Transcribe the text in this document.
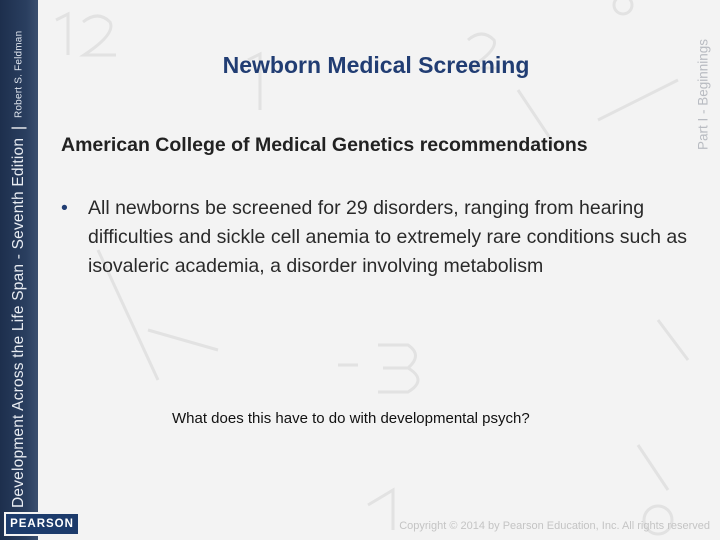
Development Across the Life Span - Seventh Edition
|
Robert S. Feldman
PEARSON
Part I - Beginnings
Newborn Medical Screening
American College of Medical Genetics recommendations
• All newborns be screened for 29 disorders, ranging from hearing difficulties and sickle cell anemia to extremely rare conditions such as isovaleric academia, a disorder involving metabolism
What does this have to do with developmental psych?
Copyright © 2014 by Pearson Education, Inc. All rights reserved
